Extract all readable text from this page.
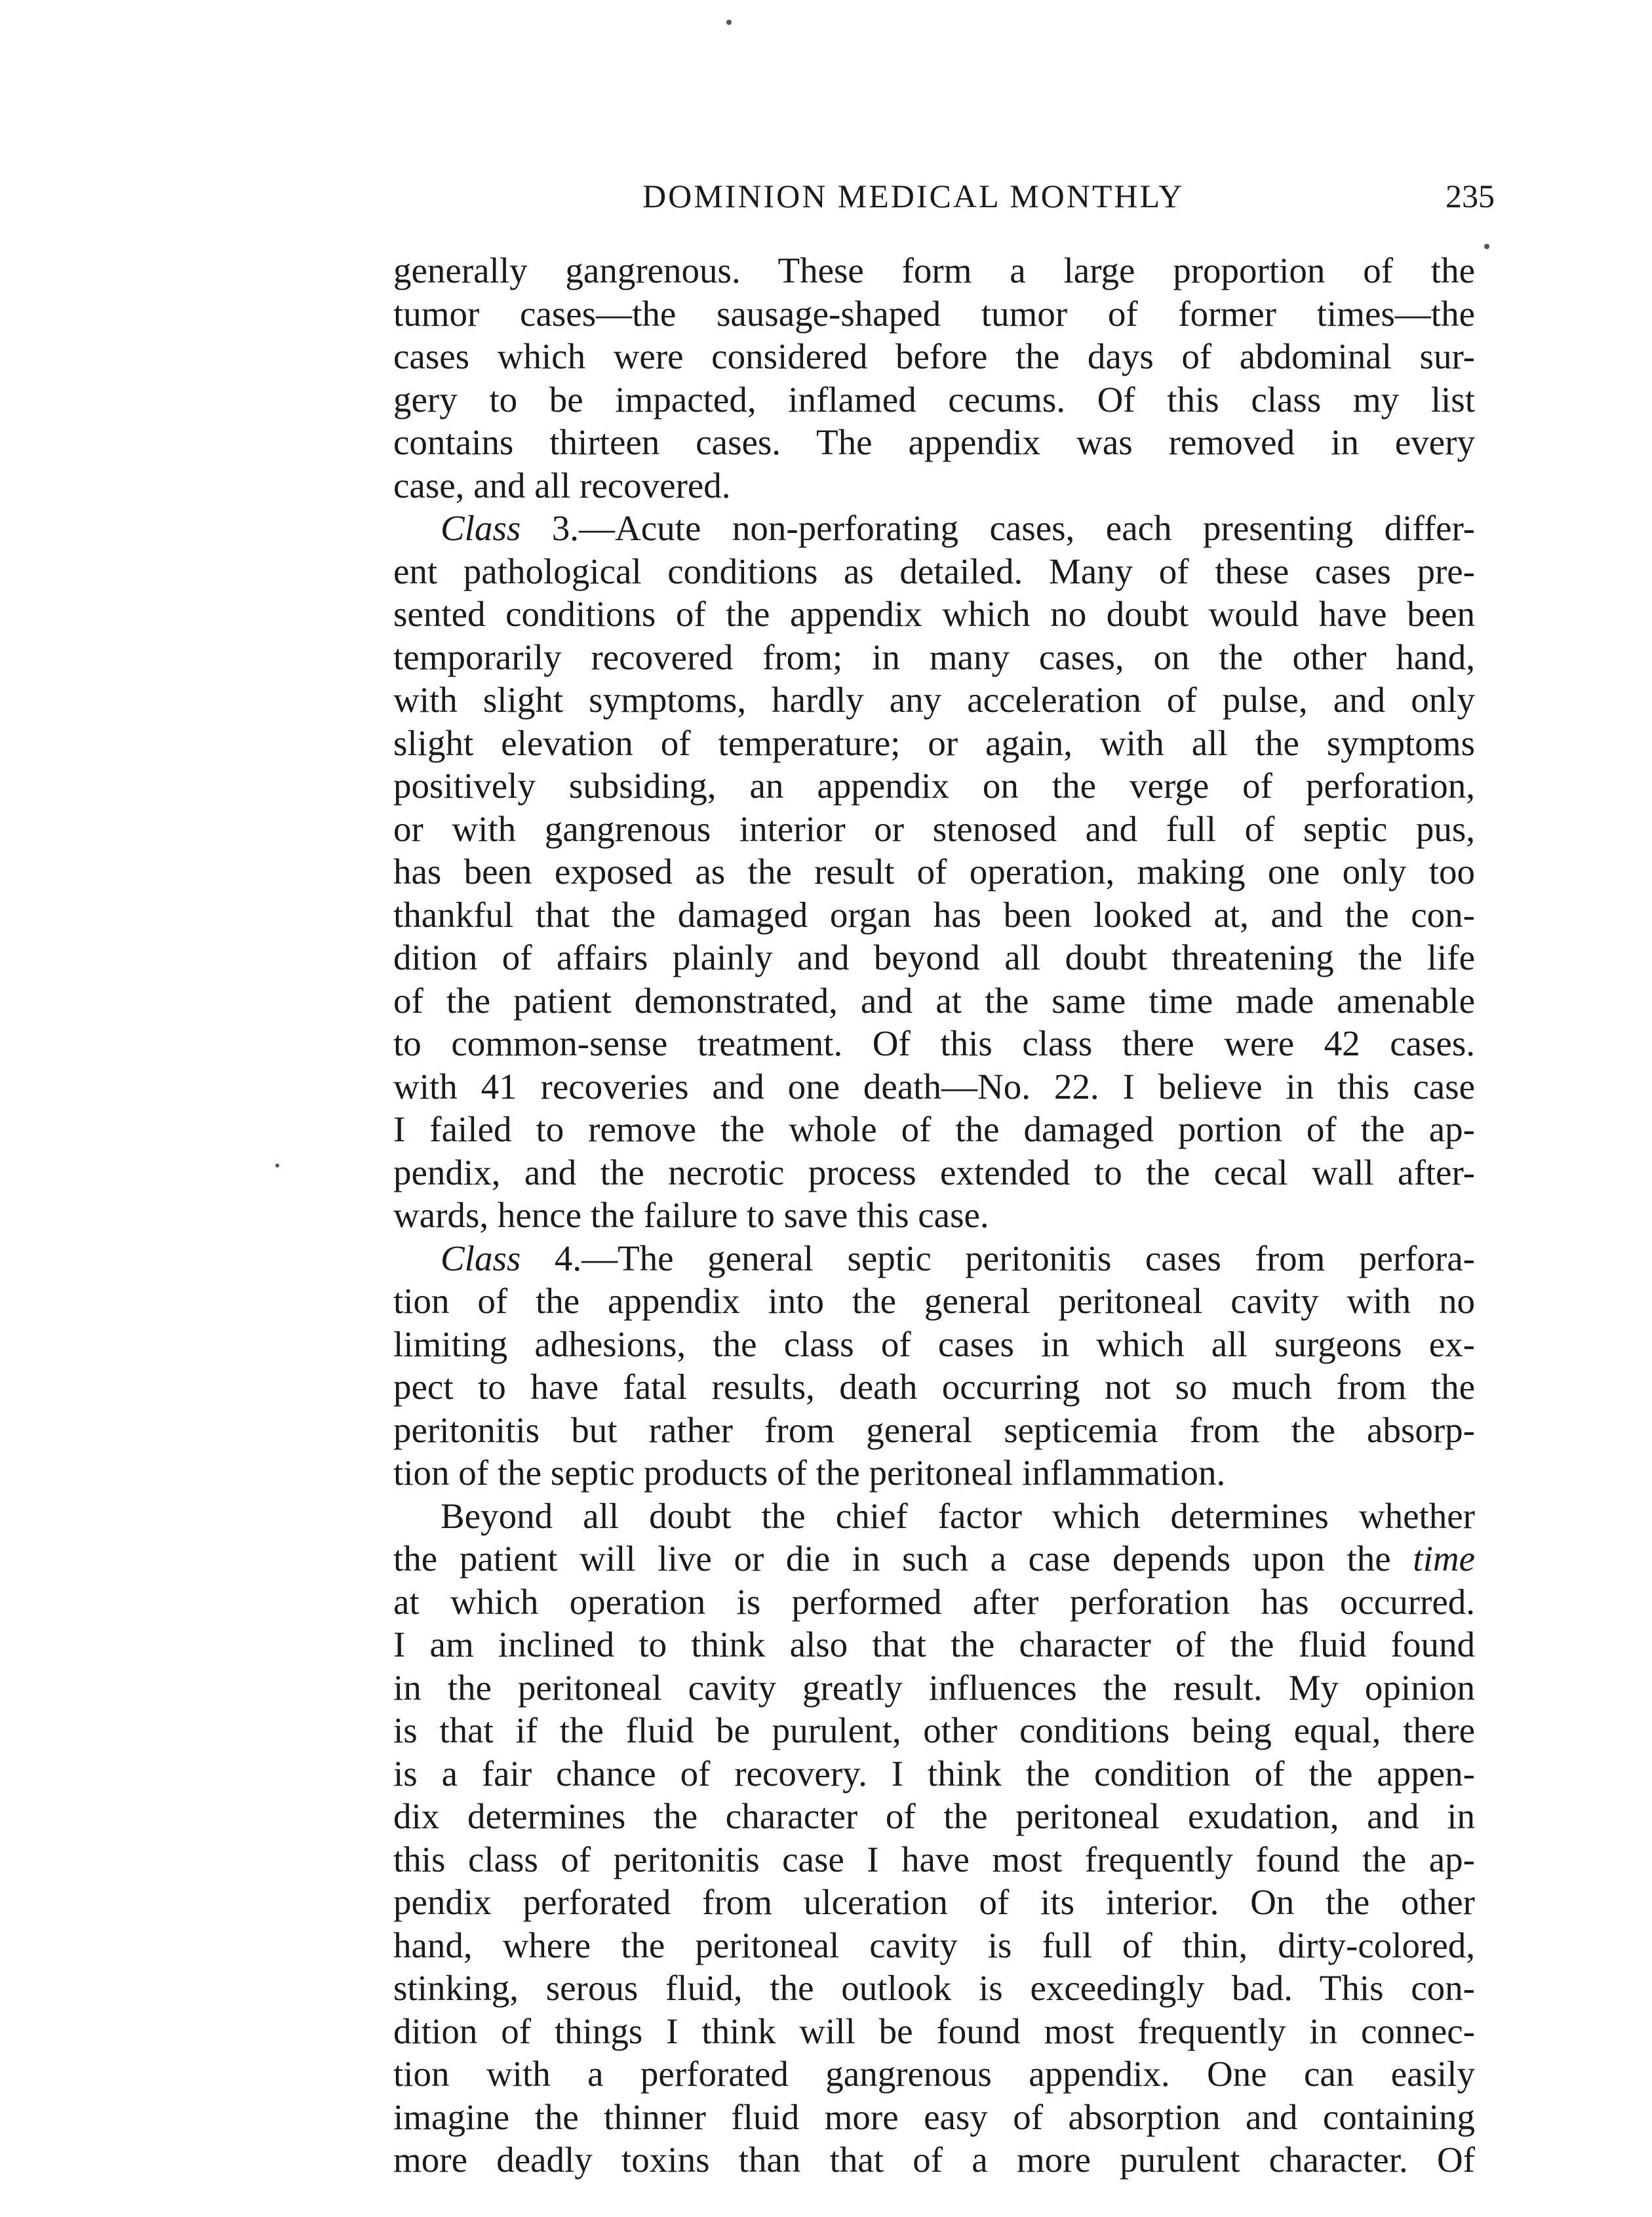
DOMINION MEDICAL MONTHLY	235
generally gangrenous. These form a large proportion of the
tumor cases—the sausage-shaped tumor of former times—the
cases which were considered before the days of abdominal sur-
gery to be impacted, inflamed cecums. Of this class my list
contains thirteen cases. The appendix was removed in every
case, and all recovered.
Class 3.—Acute non-perforating cases, each presenting differ-
ent pathological conditions as detailed. Many of these cases pre-
sented conditions of the appendix which no doubt would have been
temporarily recovered from; in many cases, on the other hand,
with slight symptoms, hardly any acceleration of pulse, and only
slight elevation of temperature; or again, with all the symptoms
positively subsiding, an appendix on the verge of perforation,
or with gangrenous interior or stenosed and full of septic pus,
has been exposed as the result of operation, making one only too
thankful that the damaged organ has been looked at, and the con-
dition of affairs plainly and beyond all doubt threatening the life
of the patient demonstrated, and at the same time made amenable
to common-sense treatment. Of this class there were 42 cases.
with 41 recoveries and one death—No. 22. I believe in this case
I failed to remove the whole of the damaged portion of the ap-
pendix, and the necrotic process extended to the cecal wall after-
wards, hence the failure to save this case.
Class 4.—The general septic peritonitis cases from perfora-
tion of the appendix into the general peritoneal cavity with no
limiting adhesions, the class of cases in which all surgeons ex-
pect to have fatal results, death occurring not so much from the
peritonitis but rather from general septicemia from the absorp-
tion of the septic products of the peritoneal inflammation.
Beyond all doubt the chief factor which determines whether
the patient will live or die in such a case depends upon the time
at which operation is performed after perforation has occurred.
I am inclined to think also that the character of the fluid found
in the peritoneal cavity greatly influences the result. My opinion
is that if the fluid be purulent, other conditions being equal, there
is a fair chance of recovery. I think the condition of the appen-
dix determines the character of the peritoneal exudation, and in
this class of peritonitis case I have most frequently found the ap-
pendix perforated from ulceration of its interior. On the other
hand, where the peritoneal cavity is full of thin, dirty-colored,
stinking, serous fluid, the outlook is exceedingly bad. This con-
dition of things I think will be found most frequently in connec-
tion with a perforated gangrenous appendix. One can easily
imagine the thinner fluid more easy of absorption and containing
more deadly toxins than that of a more purulent character. Of
